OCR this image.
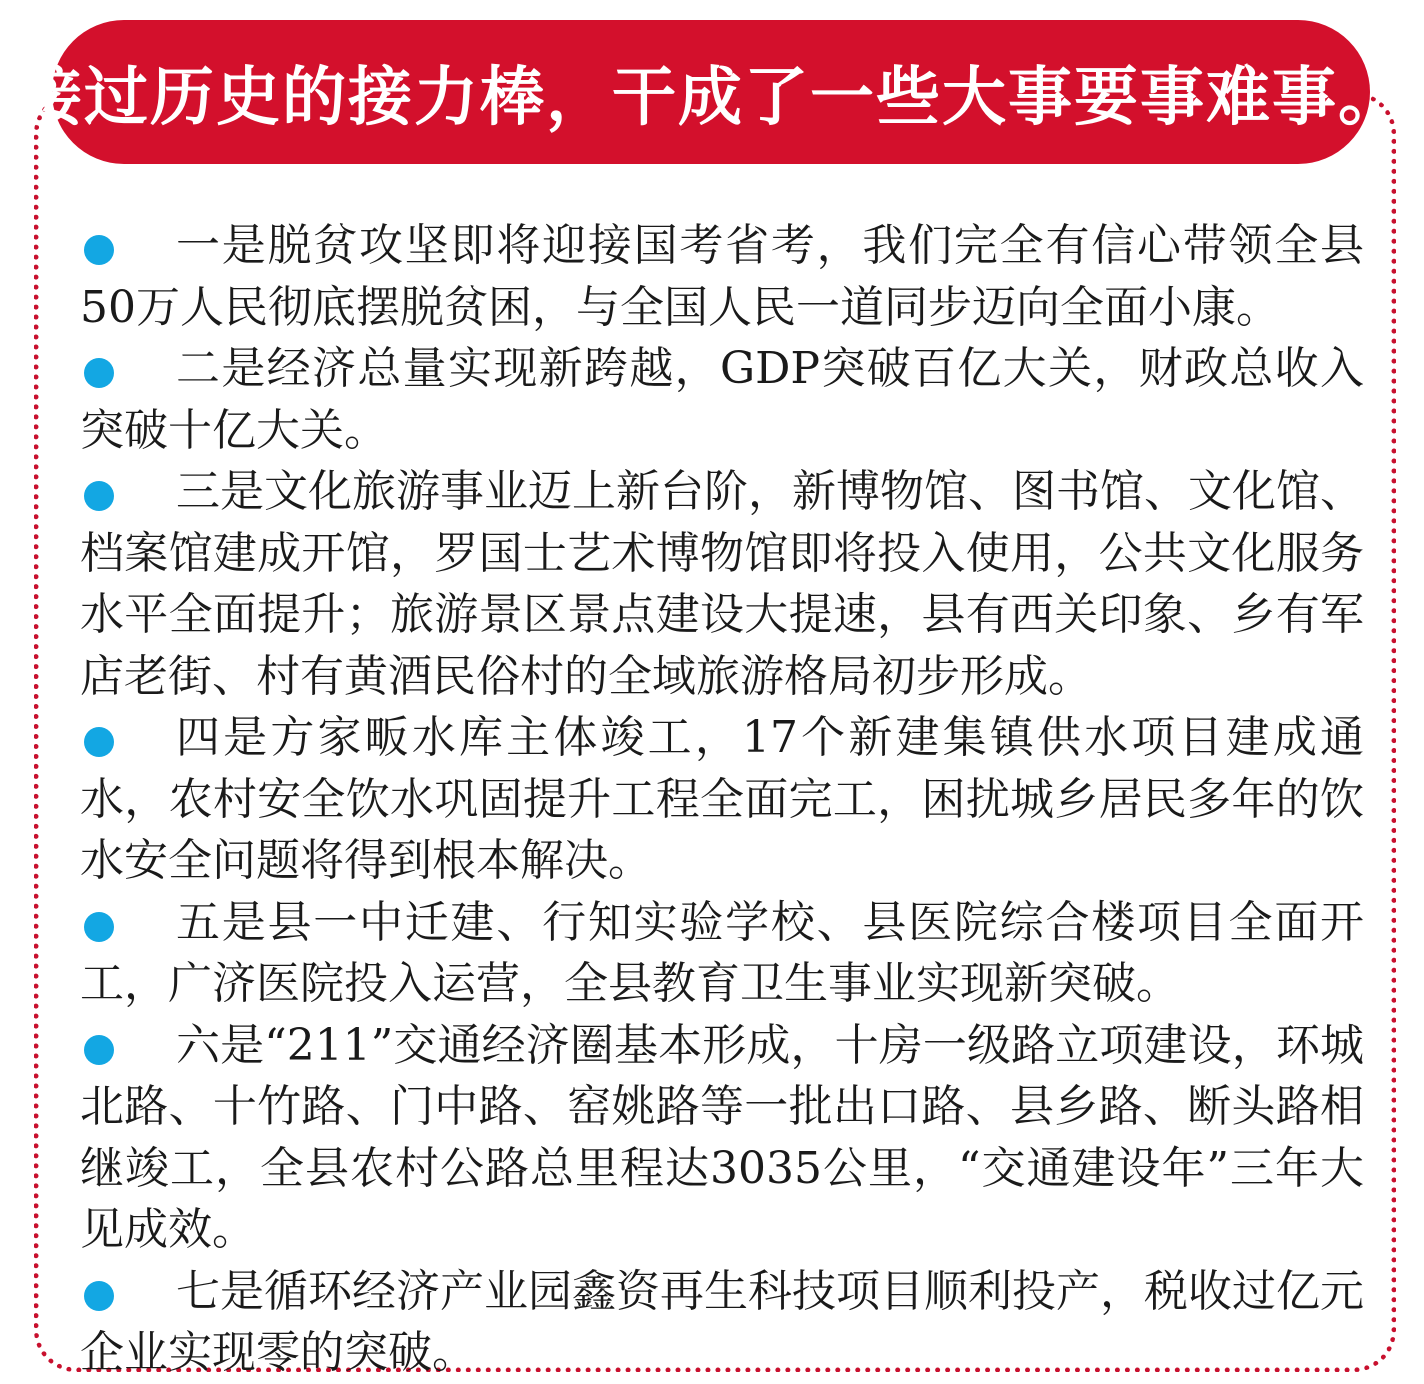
接过历史的接力棒，干成了一些大事要事难事。

一是脱贫攻坚即将迎接国考省考，我们完全有信心带领全县50万人民彻底摆脱贫困，与全国人民一道同步迈向全面小康。

二是经济总量实现新跨越，GDP突破百亿大关，财政总收入突破十亿大关。

三是文化旅游事业迈上新台阶，新博物馆、图书馆、文化馆、档案馆建成开馆，罗国士艺术博物馆即将投入使用，公共文化服务水平全面提升；旅游景区景点建设大提速，县有西关印象、乡有军店老街、村有黄酒民俗村的全域旅游格局初步形成。

四是方家畈水库主体竣工，17个新建集镇供水项目建成通水，农村安全饮水巩固提升工程全面完工，困扰城乡居民多年的饮水安全问题将得到根本解决。

五是县一中迁建、行知实验学校、县医院综合楼项目全面开工，广济医院投入运营，全县教育卫生事业实现新突破。

六是“211”交通经济圈基本形成，十房一级路立项建设，环城北路、十竹路、门中路、窑姚路等一批出口路、县乡路、断头路相继竣工，全县农村公路总里程达3035公里，“交通建设年”三年大见成效。

七是循环经济产业园鑫资再生科技项目顺利投产，税收过亿元企业实现零的突破。
